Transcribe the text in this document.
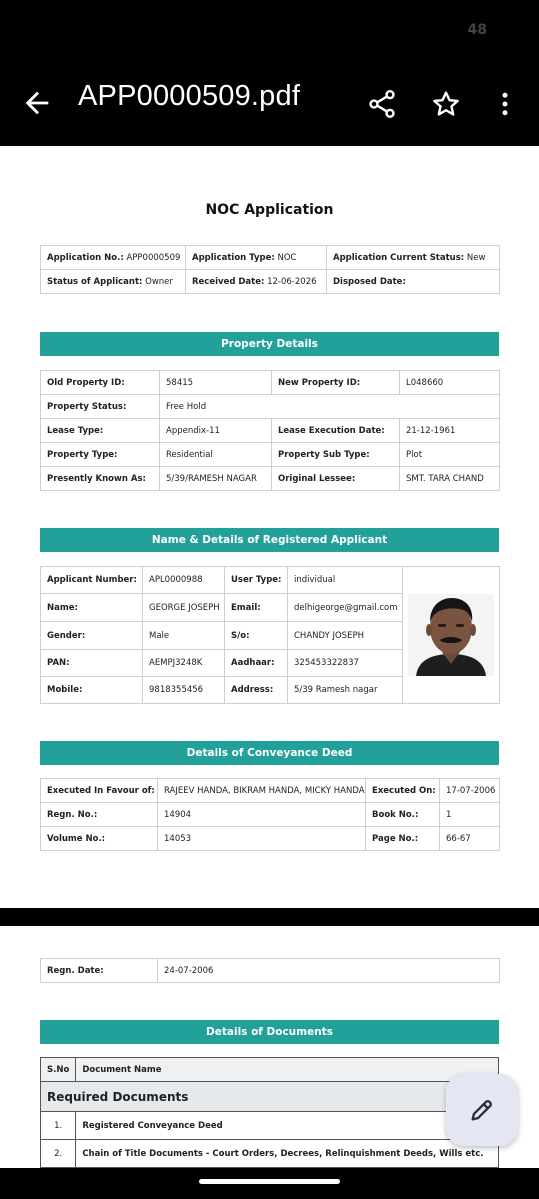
48
APP0000509.pdf
NOC Application
Application No.: APP0000509	Application Type: NOC	Application Current Status: New
Status of Applicant: Owner	Received Date: 12-06-2026	Disposed Date:
Property Details
Old Property ID:	58415	New Property ID:	L048660
Property Status:	Free Hold		
Lease Type:	Appendix-11	Lease Execution Date:	21-12-1961
Property Type:	Residential	Property Sub Type:	Plot
Presently Known As:	5/39/RAMESH NAGAR	Original Lessee:	SMT. TARA CHAND
Name & Details of Registered Applicant
Applicant Number:	APL0000988	User Type:	individual	

Name:	GEORGE JOSEPH	Email:	delhigeorge@gmail.com	
Gender:	Male	S/o:	CHANDY JOSEPH	
PAN:	AEMPJ3248K	Aadhaar:	325453322837	
Mobile:	9818355456	Address:	5/39 Ramesh nagar	
Details of Conveyance Deed
Executed In Favour of:	RAJEEV HANDA, BIKRAM HANDA, MICKY HANDA	Executed On:	17-07-2006
Regn. No.:	14904	Book No.:	1
Volume No.:	14053	Page No.:	66-67
Regn. Date:	24-07-2006
Details of Documents
S.No	Document Name
Required Documents	
1.	Registered Conveyance Deed
2.	Chain of Title Documents - Court Orders, Decrees, Relinquishment Deeds, Wills etc.
